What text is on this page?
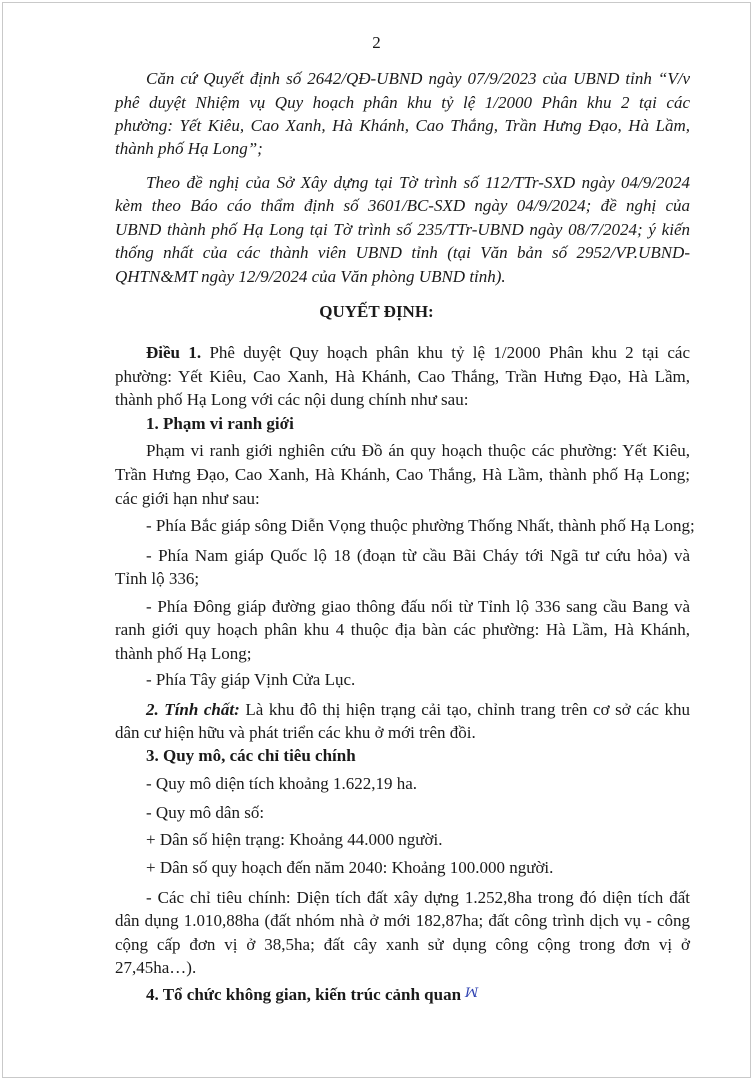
2
Căn cứ Quyết định số 2642/QĐ-UBND ngày 07/9/2023 của UBND tỉnh “V/v
phê duyệt Nhiệm vụ Quy hoạch phân khu tỷ lệ 1/2000 Phân khu 2 tại các
phường: Yết Kiêu, Cao Xanh, Hà Khánh, Cao Thắng, Trần Hưng Đạo, Hà Lầm,
thành phố Hạ Long”;
Theo đề nghị của Sở Xây dựng tại Tờ trình số 112/TTr-SXD ngày 04/9/2024
kèm theo Báo cáo thẩm định số 3601/BC-SXD ngày 04/9/2024; đề nghị của
UBND thành phố Hạ Long tại Tờ trình số 235/TTr-UBND ngày 08/7/2024; ý kiến
thống nhất của các thành viên UBND tỉnh (tại Văn bản số 2952/VP.UBND-
QHTN&MT ngày 12/9/2024 của Văn phòng UBND tỉnh).
QUYẾT ĐỊNH:
Điều 1. Phê duyệt Quy hoạch phân khu tỷ lệ 1/2000 Phân khu 2 tại các
phường: Yết Kiêu, Cao Xanh, Hà Khánh, Cao Thắng, Trần Hưng Đạo, Hà Lầm,
thành phố Hạ Long với các nội dung chính như sau:
1. Phạm vi ranh giới
Phạm vi ranh giới nghiên cứu Đồ án quy hoạch thuộc các phường: Yết Kiêu,
Trần Hưng Đạo, Cao Xanh, Hà Khánh, Cao Thắng, Hà Lầm, thành phố Hạ Long;
các giới hạn như sau:
- Phía Bắc giáp sông Diễn Vọng thuộc phường Thống Nhất, thành phố Hạ Long;
- Phía Nam giáp Quốc lộ 18 (đoạn từ cầu Bãi Cháy tới Ngã tư cứu hỏa) và
Tỉnh lộ 336;
- Phía Đông giáp đường giao thông đấu nối từ Tỉnh lộ 336 sang cầu Bang và
ranh giới quy hoạch phân khu 4 thuộc địa bàn các phường: Hà Lầm, Hà Khánh,
thành phố Hạ Long;
- Phía Tây giáp Vịnh Cửa Lục.
2. Tính chất: Là khu đô thị hiện trạng cải tạo, chỉnh trang trên cơ sở các khu
dân cư hiện hữu và phát triển các khu ở mới trên đồi.
3. Quy mô, các chỉ tiêu chính
- Quy mô diện tích khoảng 1.622,19 ha.
- Quy mô dân số:
+ Dân số hiện trạng: Khoảng 44.000 người.
+ Dân số quy hoạch đến năm 2040: Khoảng 100.000 người.
- Các chỉ tiêu chính: Diện tích đất xây dựng 1.252,8ha trong đó diện tích đất
dân dụng 1.010,88ha (đất nhóm nhà ở mới 182,87ha; đất công trình dịch vụ - công
cộng cấp đơn vị ở 38,5ha; đất cây xanh sử dụng công cộng trong đơn vị ở
27,45ha…).
4. Tổ chức không gian, kiến trúc cảnh quan ꟽ
